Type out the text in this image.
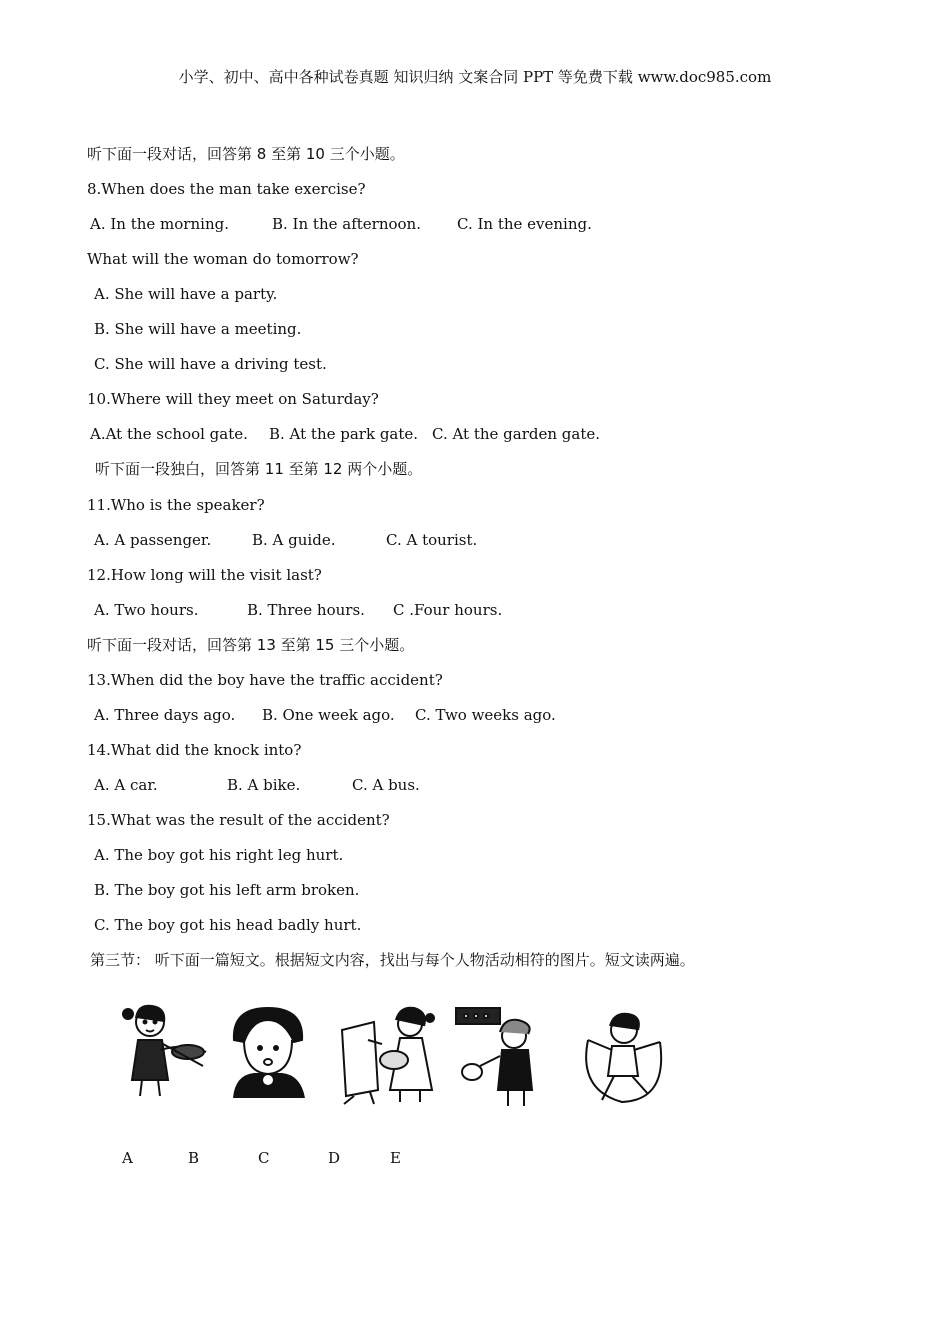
小学、初中、高中各种试卷真题 知识归纳 文案合同 PPT 等免费下载 www.doc985.com
听下面一段对话，回答第 8 至第 10 三个小题。
8.When does the man take exercise?
A. In the morning.	B. In the afternoon. C. In the evening.
What will the woman do tomorrow?
A. She will have a party.
B. She will have a meeting.
C. She will have a driving test.
10.Where will they meet on Saturday?
A.At the school gate. B. At the park gate. C. At the garden gate.
听下面一段独白，回答第 11 至第 12 两个小题。
11.Who is the speaker?
A. A passenger.	B. A guide.	C. A tourist.
12.How long will the visit last?
A. Two hours.	B. Three hours. C .Four hours.
听下面一段对话，回答第 13 至第 15 三个小题。
13.When did the boy have the traffic accident?
A. Three days ago. B. One week ago. C. Two weeks ago.
14.What did the knock into?
A. A car.	B. A bike.	C. A bus.
15.What was the result of the accident?
A. The boy got his right leg hurt.
B. The boy got his left arm broken.
C. The boy got his head badly hurt.
第三节： 听下面一篇短文。根据短文内容，找出与每个人物活动相符的图片。短文读两遍。
A	B	C	D	E
